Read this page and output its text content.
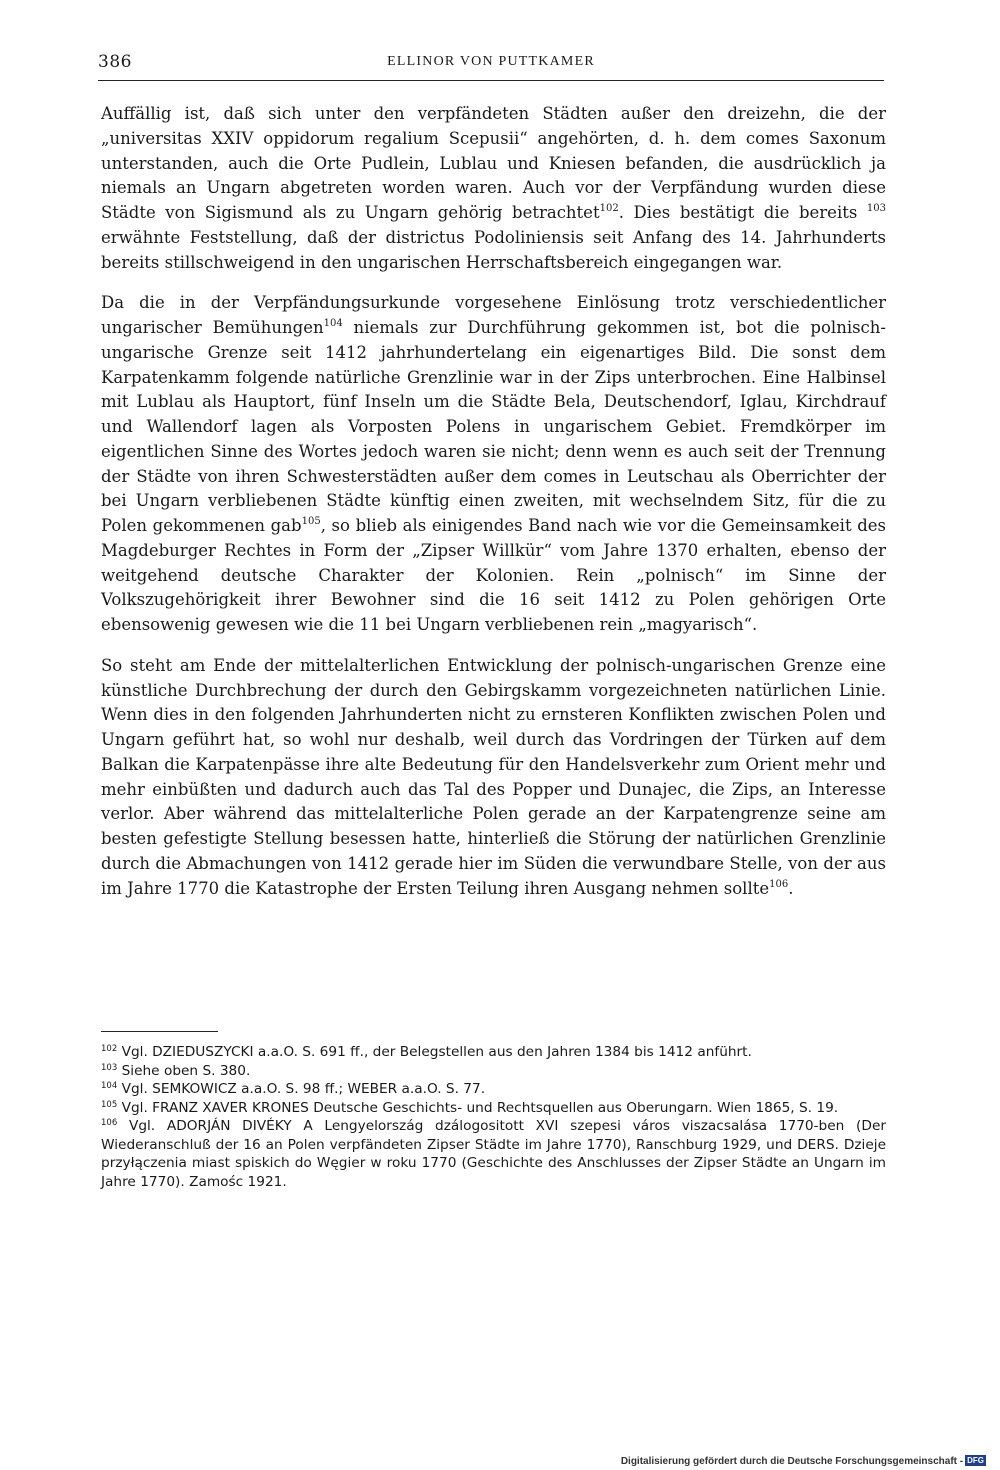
386	ELLINOR VON PUTTKAMER

Auffällig ist, daß sich unter den verpfändeten Städten außer den dreizehn, die der „universitas XXIV oppidorum regalium Scepusii“ angehörten, d. h. dem comes Saxonum unterstanden, auch die Orte Pudlein, Lublau und Kniesen befanden, die ausdrücklich ja niemals an Ungarn abgetreten worden waren. Auch vor der Verpfändung wurden diese Städte von Sigismund als zu Ungarn gehörig betrachtet$^{102}$. Dies bestätigt die bereits $^{103}$ erwähnte Feststellung, daß der districtus Podoliniensis seit Anfang des 14. Jahrhunderts bereits stillschweigend in den ungarischen Herrschaftsbereich eingegangen war.

Da die in der Verpfändungsurkunde vorgesehene Einlösung trotz verschiedentlicher ungarischer Bemühungen$^{104}$ niemals zur Durchführung gekommen ist, bot die polnisch-ungarische Grenze seit 1412 jahrhundertelang ein eigenartiges Bild. Die sonst dem Karpatenkamm folgende natürliche Grenzlinie war in der Zips unterbrochen. Eine Halbinsel mit Lublau als Hauptort, fünf Inseln um die Städte Bela, Deutschendorf, Iglau, Kirchdrauf und Wallendorf lagen als Vorposten Polens in ungarischem Gebiet. Fremdkörper im eigentlichen Sinne des Wortes jedoch waren sie nicht; denn wenn es auch seit der Trennung der Städte von ihren Schwesterstädten außer dem comes in Leutschau als Oberrichter der bei Ungarn verbliebenen Städte künftig einen zweiten, mit wechselndem Sitz, für die zu Polen gekommenen gab$^{105}$, so blieb als einigendes Band nach wie vor die Gemeinsamkeit des Magdeburger Rechtes in Form der „Zipser Willkür“ vom Jahre 1370 erhalten, ebenso der weitgehend deutsche Charakter der Kolonien. Rein „polnisch“ im Sinne der Volkszugehörigkeit ihrer Bewohner sind die 16 seit 1412 zu Polen gehörigen Orte ebensowenig gewesen wie die 11 bei Ungarn verbliebenen rein „magyarisch“.

So steht am Ende der mittelalterlichen Entwicklung der polnisch-ungarischen Grenze eine künstliche Durchbrechung der durch den Gebirgskamm vorgezeichneten natürlichen Linie. Wenn dies in den folgenden Jahrhunderten nicht zu ernsteren Konflikten zwischen Polen und Ungarn geführt hat, so wohl nur deshalb, weil durch das Vordringen der Türken auf dem Balkan die Karpatenpässe ihre alte Bedeutung für den Handelsverkehr zum Orient mehr und mehr einbüßten und dadurch auch das Tal des Popper und Dunajec, die Zips, an Interesse verlor. Aber während das mittelalterliche Polen gerade an der Karpatengrenze seine am besten gefestigte Stellung besessen hatte, hinterließ die Störung der natürlichen Grenzlinie durch die Abmachungen von 1412 gerade hier im Süden die verwundbare Stelle, von der aus im Jahre 1770 die Katastrophe der Ersten Teilung ihren Ausgang nehmen sollte$^{106}$.

$^{102}$ Vgl. DZIEDUSZYCKI a.a.O. S. 691 ff., der Belegstellen aus den Jahren 1384 bis 1412 anführt.

$^{103}$ Siehe oben S. 380.

$^{104}$ Vgl. SEMKOWICZ a.a.O. S. 98 ff.; WEBER a.a.O. S. 77.

$^{105}$ Vgl. FRANZ XAVER KRONES Deutsche Geschichts- und Rechtsquellen aus Oberungarn. Wien 1865, S. 19.

$^{106}$ Vgl. ADORJÁN DIVÉKY A Lengyelország dzálogositott XVI szepesi város viszacsalása 1770-ben (Der Wiederanschluß der 16 an Polen verpfändeten Zipser Städte im Jahre 1770), Ranschburg 1929, und DERS. Dzieje przyłączenia miast spiskich do Węgier w roku 1770 (Geschichte des Anschlusses der Zipser Städte an Ungarn im Jahre 1770). Zamośc 1921.

Digitalisierung gefördert durch die Deutsche Forschungsgemeinschaft - DFG
